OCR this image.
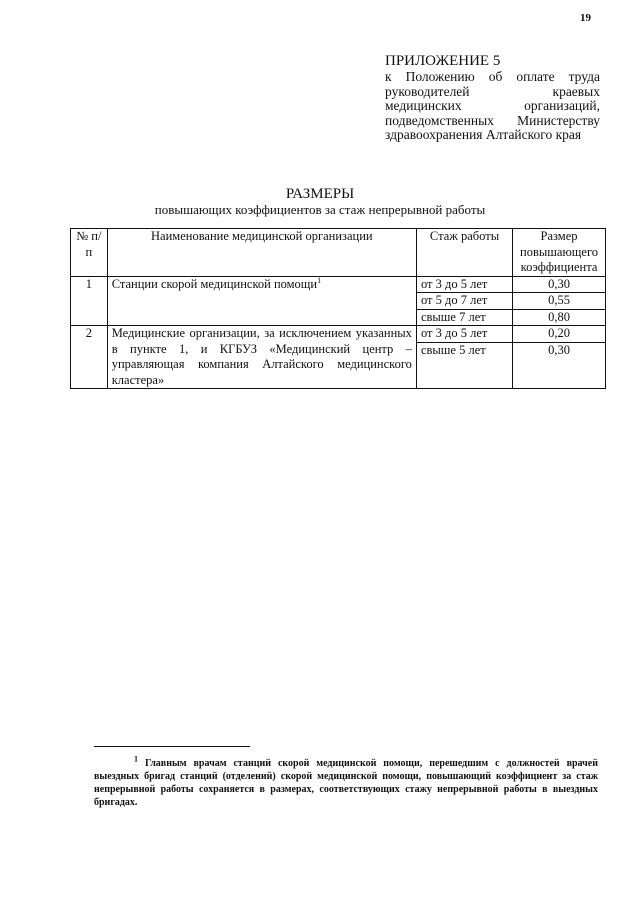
19
ПРИЛОЖЕНИЕ 5
к Положению об оплате труда руководителей краевых медицинских организаций, подведомственных Министерству здравоохранения Алтайского края
РАЗМЕРЫ
повышающих коэффициентов за стаж непрерывной работы
№ п/п	Наименование медицинской организации	Стаж работы	Размер повышающего коэффициента
1	Станции скорой медицинской помощи$^1$	от 3 до 5 лет	0,30
		от 5 до 7 лет	0,55
		свыше 7 лет	0,80
2	Медицинские организации, за исключением указанных в пункте 1, и КГБУЗ «Медицинский центр – управляющая компания Алтайского медицинского кластера»	от 3 до 5 лет	0,20
		свыше 5 лет	0,30
$^1$ Главным врачам станций скорой медицинской помощи, перешедшим с должностей врачей выездных бригад станций (отделений) скорой медицинской помощи, повышающий коэффициент за стаж непрерывной работы сохраняется в размерах, соответствующих стажу непрерывной работы в выездных бригадах.
